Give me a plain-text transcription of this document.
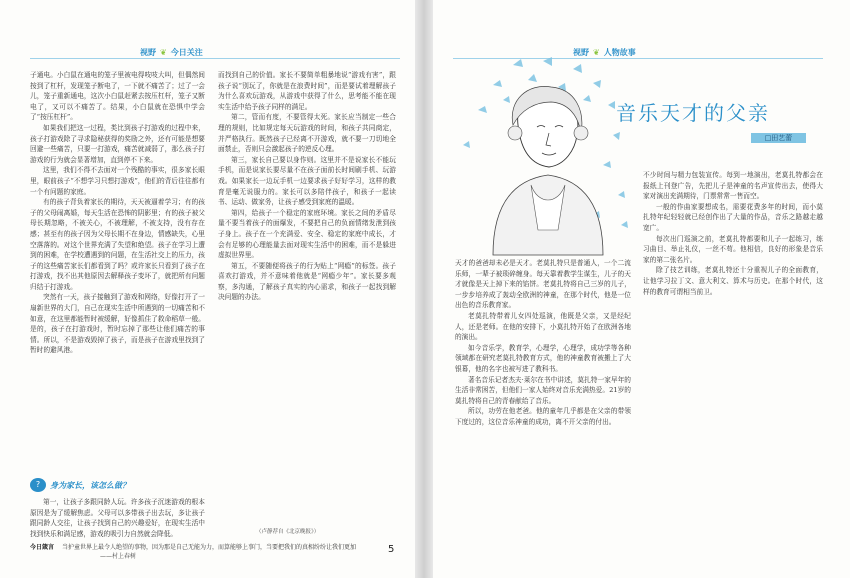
视野 ❦ 今日关注

子通电。小白鼠在通电的笼子里被电得吱吱大叫，但偶然间按到了杠杆，发现笼子断电了，一下就不痛苦了；过了一会儿，笼子重新通电，这次小白鼠赶紧去按压杠杆，笼子又断电了，又可以不痛苦了。结果，小白鼠就在恐惧中学会了“按压杠杆”。

如果我们把这一过程，类比到孩子打游戏的过程中来，孩子打游戏除了寻求隐秘获得的奖励之外，还有可能是想要回避一些痛苦，只要一打游戏，痛苦就减弱了，那么孩子打游戏的行为就会显著增加，直到停不下来。

这里，我们不得不去面对一个残酷的事实，很多家长眼里，眼前孩子“不想学习只想打游戏”，他们的背后往往都有一个有问题的家庭。

有的孩子背负着家长的期待，天天被逼着学习；有的孩子的父母闹离婚，每天生活在恐怖的阴影里；有的孩子被父母长期忽略，不被关心，不被理解，不被支持，没有存在感；甚至有的孩子因为父母长期不在身边，情感缺失，心里空落落的。对这个世界充满了失望和绝望。孩子在学习上遭到的困难，在学校遭遇到的问题，在生活社交上的压力，孩子的这些痛苦家长们都看到了吗？或许家长只看到了孩子在打游戏，找不出其他原因去解释孩子变坏了，就把所有问题归结于打游戏。

突然有一天，孩子接触到了游戏和网络，好像打开了一扇新世界的大门，自己在现实生活中所遇到的一切痛苦和不如意，在这里都能暂时被缓解，好像抓住了救命稻草一般。是的，孩子在打游戏时，暂时忘掉了那些让他们痛苦的事情。所以，不是游戏毁掉了孩子，而是孩子在游戏里找到了暂时的避风港。

?	身为家长，该怎么做？

第一，让孩子多跟同龄人玩。许多孩子沉迷游戏的根本原因是为了缓解焦虑。父母可以多带孩子出去玩，多让孩子跟同龄人交往，让孩子找到自己的兴趣爱好，在现实生活中找到快乐和满足感，游戏的吸引力自然就会降低。

而找到自己的价值。家长不要简单粗暴地说“游戏有害”，跟孩子说“别玩了，你就是在浪费时间”，而是要试着理解孩子为什么喜欢玩游戏，从游戏中获得了什么，思考能不能在现实生活中给予孩子同样的满足。

第二，管而有度，不要管得太死。家长应当制定一些合理的规则，比如规定每天玩游戏的时间，和孩子共同商定，并严格执行。既然孩子已经离不开游戏，就不要一刀切地全面禁止，否则只会激起孩子的逆反心理。

第三，家长自己要以身作则。这里并不是说家长不能玩手机，而是说家长要尽量不在孩子面前长时间刷手机、玩游戏。如果家长一边玩手机一边要求孩子好好学习，这样的教育是毫无说服力的。家长可以多陪伴孩子，和孩子一起读书、运动、做家务，让孩子感受到家庭的温暖。

第四，给孩子一个稳定的家庭环境。家长之间的矛盾尽量不要当着孩子的面爆发，不要把自己的负面情绪发泄到孩子身上。孩子在一个充满爱、安全、稳定的家庭中成长，才会有足够的心理能量去面对现实生活中的困难，而不是躲进虚拟世界里。

第五，不要随便将孩子的行为贴上“网瘾”的标签。孩子喜欢打游戏，并不意味着他就是“网瘾少年”。家长要多观察，多沟通，了解孩子真实的内心需求，和孩子一起找到解决问题的办法。

（卢静荐自《北京晚报》）
今日箴言 当护童世界上最令人绝望的事物，因为那是自己无能为力，而算能够上事门，当要把我们的真相纷纷让我们更加
——村上春树
5
视野 ❦ 人物故事
音乐天才的父亲
□田艺蕾

天才的爸爸却未必是天才。老莫扎特只是普通人，一个二流乐师，一辈子被琐碎缠身。每天靠着教学生谋生，儿子的天才就像是天上掉下来的馅饼。老莫扎特将自己三岁的儿子，一步步培养成了轰动全欧洲的神童，在那个时代，他是一位出色的音乐教育家。

老莫扎特带着儿女四处巡演，他既是父亲，又是经纪人，还是老师。在他的安排下，小莫扎特开始了在欧洲各地的演出。

如今音乐学，教育学，心理学，心理学，成功学等各种领域都在研究老莫扎特教育方式，他的神童教育被搬上了大银幕，他的名字也被写进了教科书。

著名音乐记者杰夫·莱尔在书中讲述，莫扎特一家早年的生活非常困苦，但他们一家人始终对音乐充满热爱。21岁的莫扎特将自己的青春献给了音乐。

所以，功劳在他老爸。他的童年几乎都是在父亲的带领下度过的，这位音乐神童的成功，离不开父亲的付出。

不少时间与精力包装宣传。每到一地演出，老莫扎特都会在报纸上刊登广告，先把儿子是神童的名声宣传出去，使得大家对演出充满期待，门票常常一售而空。

一般的作曲家要想成名，需要花费多年的时间，而小莫扎特年纪轻轻就已经创作出了大量的作品，音乐之路越走越宽广。

每次出门巡演之前，老莫扎特都要和儿子一起练习，练习曲目、举止礼仪，一丝不苟。他相信，良好的形象是音乐家的第二张名片。

除了技艺训练，老莫扎特还十分重视儿子的全面教育，让他学习拉丁文、意大利文、算术与历史。在那个时代，这样的教育可谓相当前卫。
